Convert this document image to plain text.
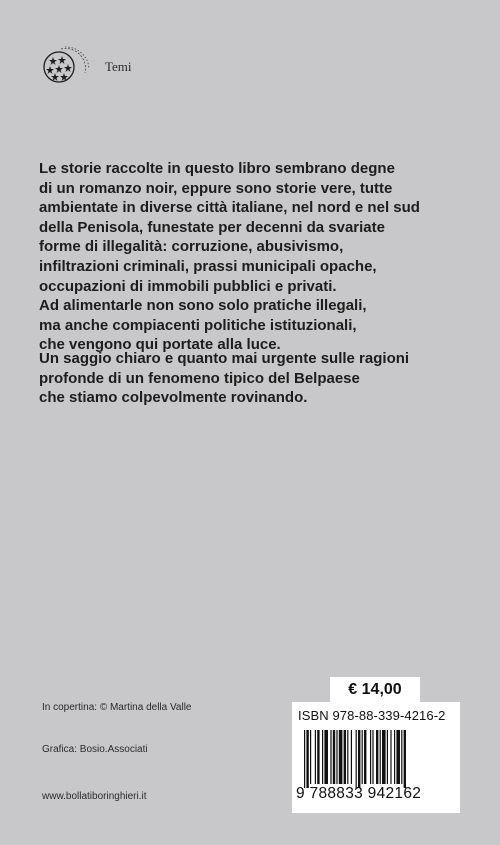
Temi
Le storie raccolte in questo libro sembrano degne
di un romanzo noir, eppure sono storie vere, tutte
ambientate in diverse città italiane, nel nord e nel sud
della Penisola, funestate per decenni da svariate
forme di illegalità: corruzione, abusivismo,
infiltrazioni criminali, prassi municipali opache,
occupazioni di immobili pubblici e privati.
Ad alimentarle non sono solo pratiche illegali,
ma anche compiacenti politiche istituzionali,
che vengono qui portate alla luce.
Un saggio chiaro e quanto mai urgente sulle ragioni
profonde di un fenomeno tipico del Belpaese
che stiamo colpevolmente rovinando.
In copertina: © Martina della Valle
Grafica: Bosio.Associati
www.bollatiboringhieri.it
€ 14,00
ISBN 978-88-339-4216-2
9 788833 942162
